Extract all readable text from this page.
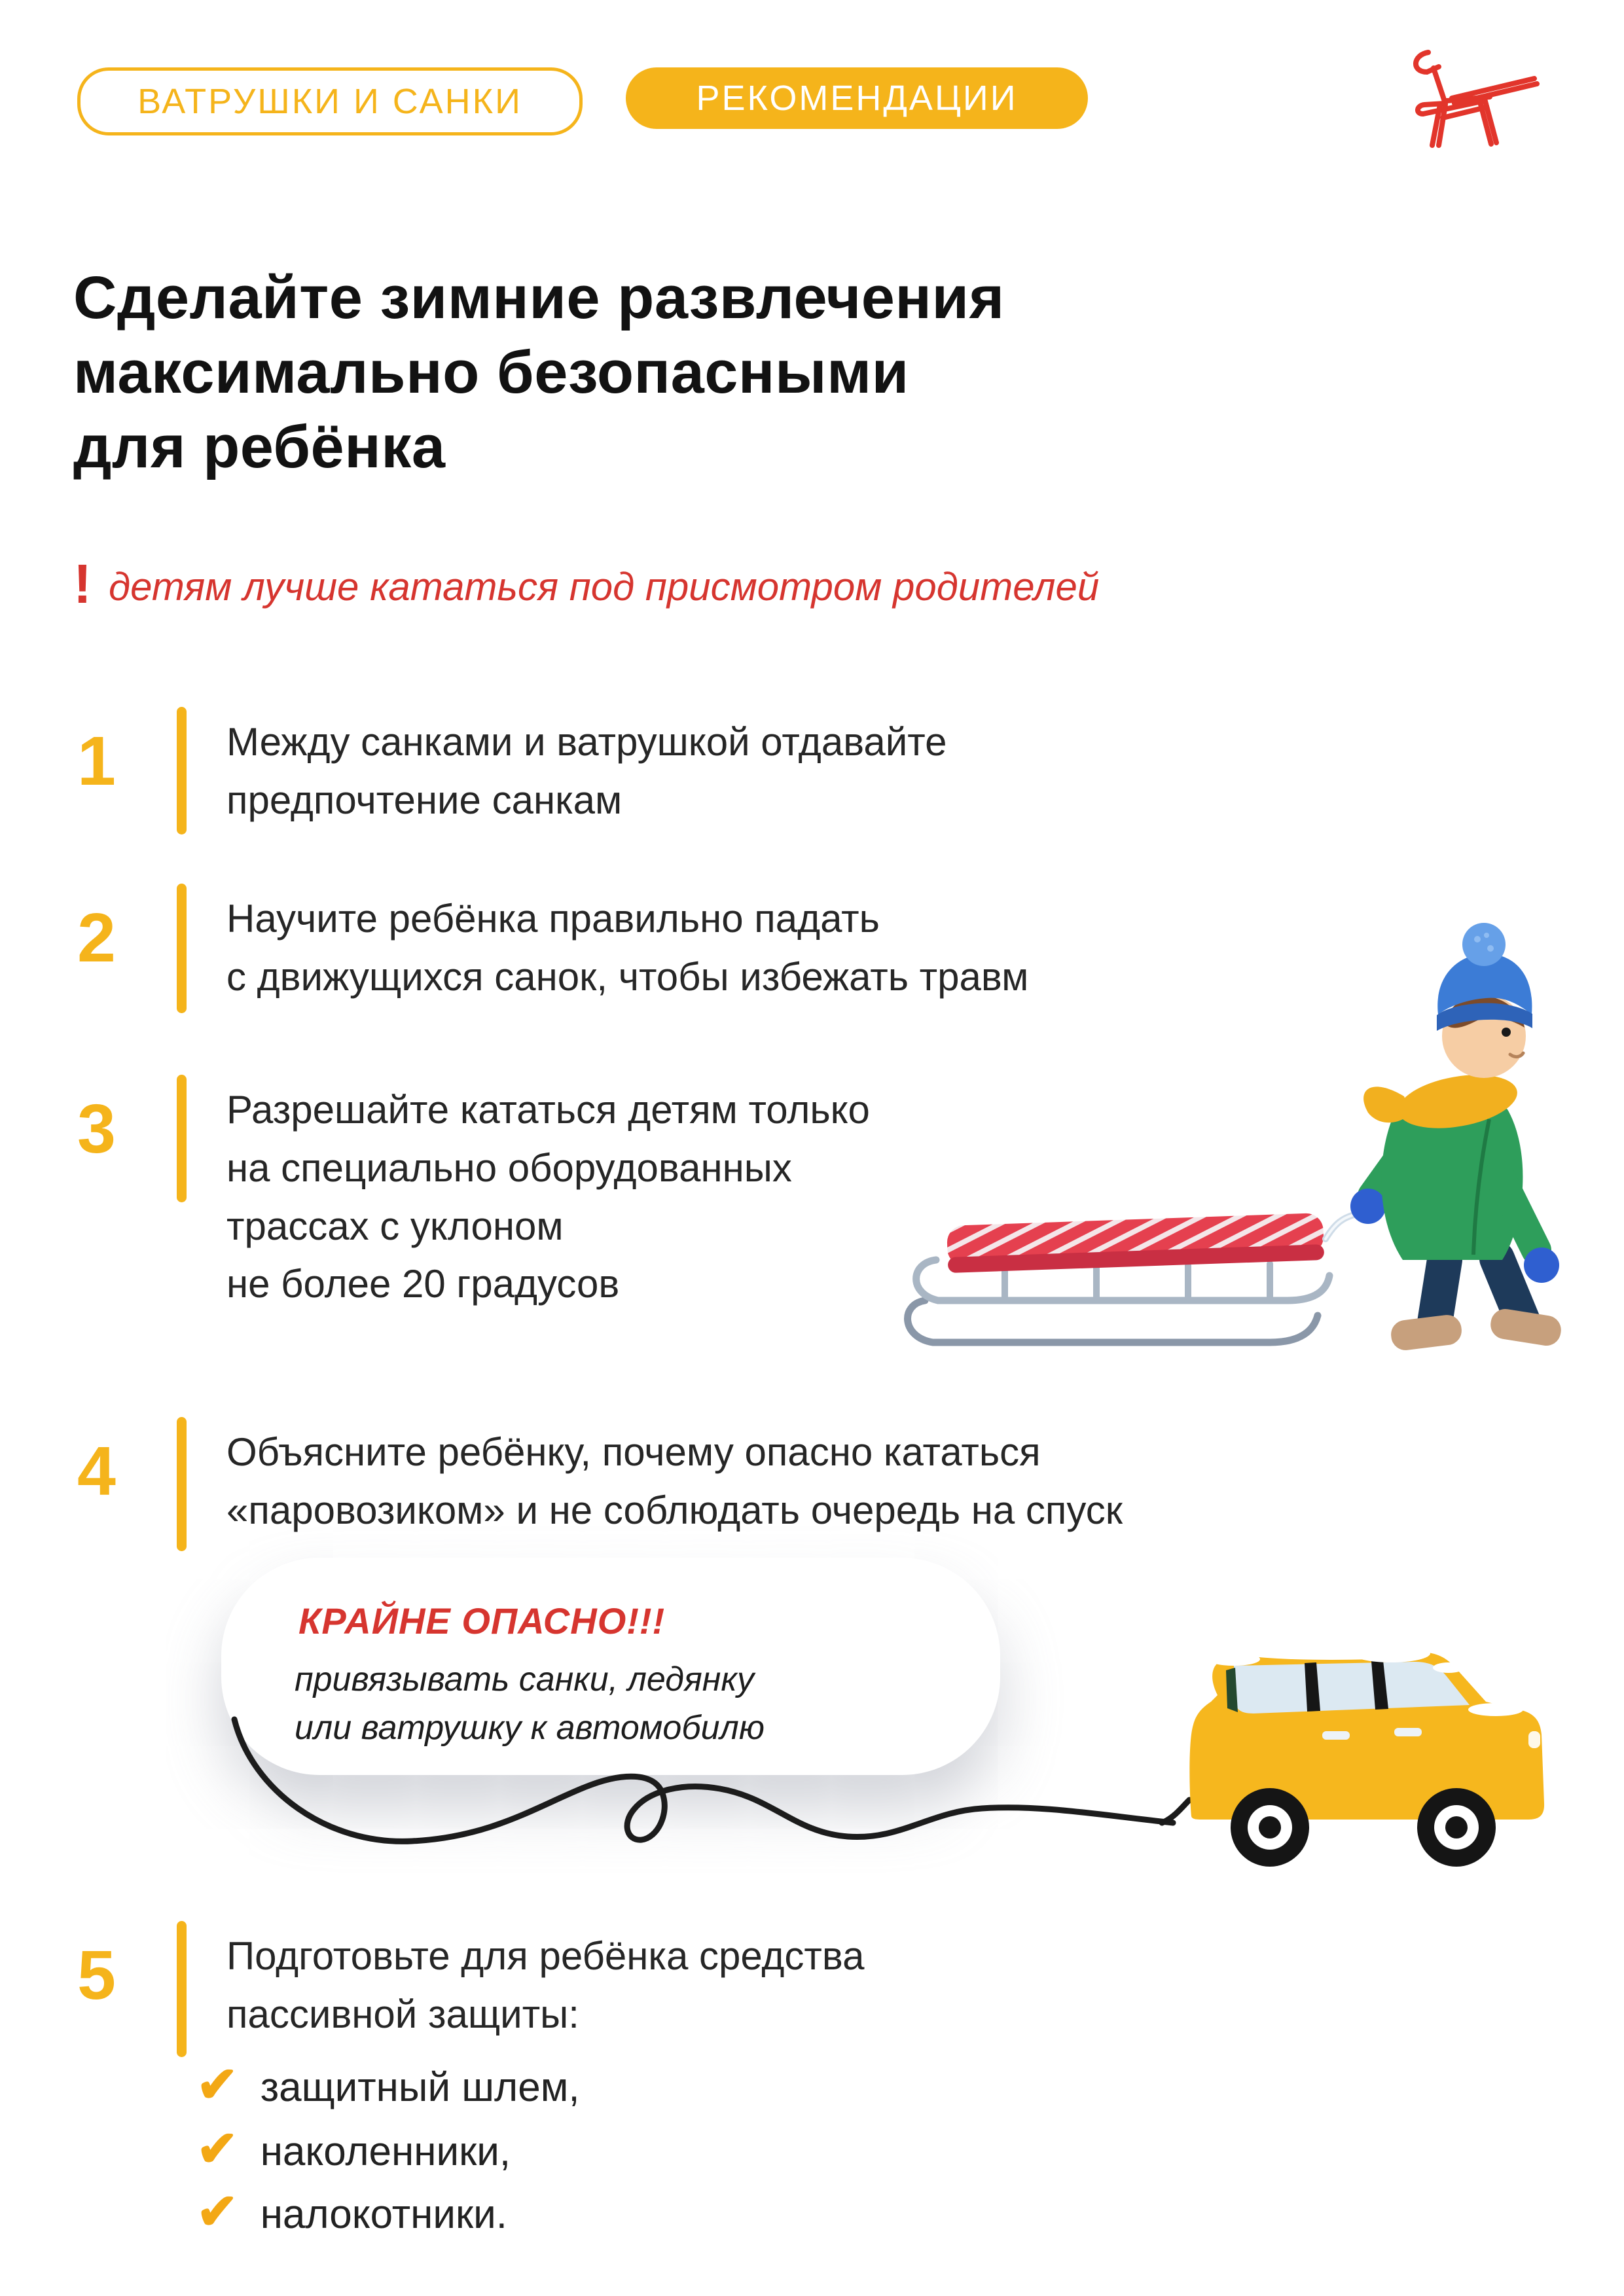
ВАТРУШКИ И САНКИ	РЕКОМЕНДАЦИИ
Сделайте зимние развлечения
максимально безопасными
для ребёнка
! детям лучше кататься под присмотром родителей
1	Между санками и ватрушкой отдавайте
предпочтение санкам
2	Научите ребёнка правильно падать
с движущихся санок, чтобы избежать травм
3	Разрешайте кататься детям только
на специально оборудованных
трассах с уклоном
не более 20 градусов
4	Объясните ребёнку, почему опасно кататься
«паровозиком» и не соблюдать очередь на спуск
КРАЙНЕ ОПАСНО!!!
привязывать санки, ледянку
или ватрушку к автомобилю
5	Подготовьте для ребёнка средства
пассивной защиты:
✔ защитный шлем,
✔ наколенники,
✔ налокотники.
